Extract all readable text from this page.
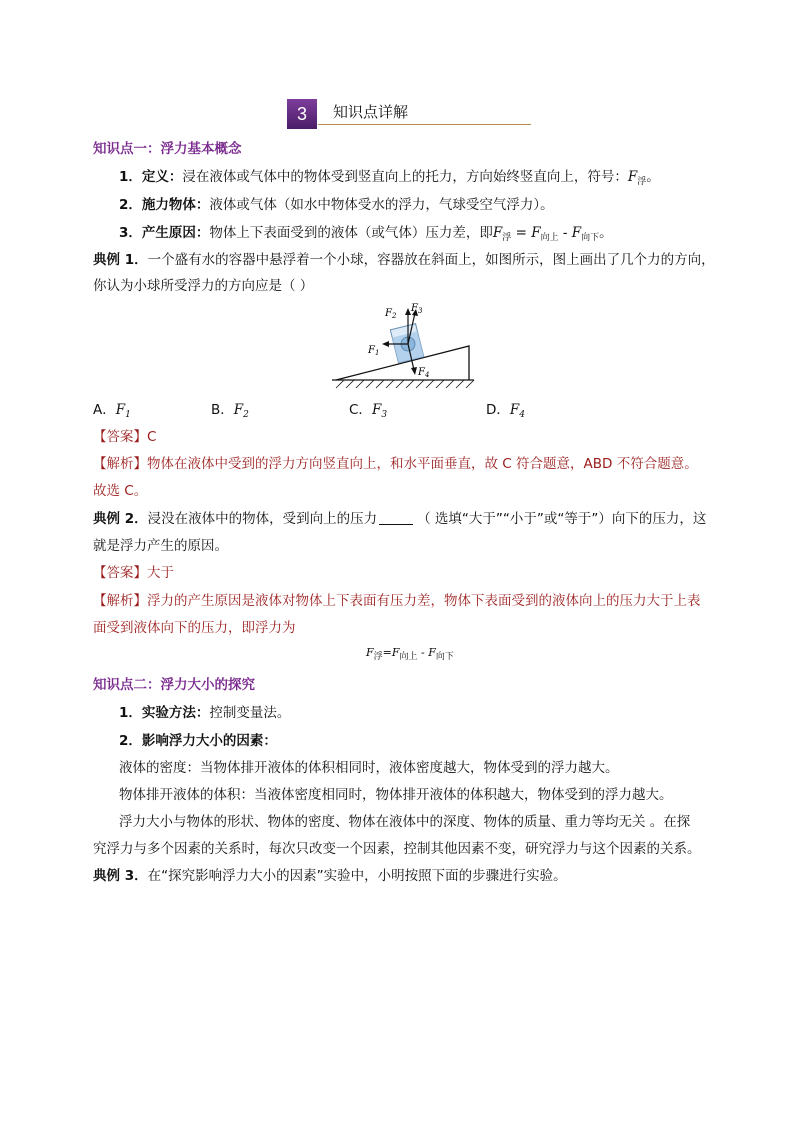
3	知识点详解
知识点一：浮力基本概念
1．定义：浸在液体或气体中的物体受到竖直向上的托力，方向始终竖直向上，符号：$F_浮$。
2．施力物体：液体或气体（如水中物体受水的浮力，气球受空气浮力）。
3．产生原因：物体上下表面受到的液体（或气体）压力差，即$F_浮 = F_{向上} - F_{向下}$。
典例 1．一个盛有水的容器中悬浮着一个小球，容器放在斜面上，如图所示，图上画出了几个力的方向，
你认为小球所受浮力的方向应是（ ）
$F_2$
$F_3$
$F_1$
$F_4$
A．$F_1$	B．$F_2$	C．$F_3$	D．$F_4$
【答案】C
【解析】物体在液体中受到的浮力方向竖直向上，和水平面垂直，故 C 符合题意，ABD 不符合题意。
故选 C。
典例 2．浸没在液体中的物体，受到向上的压力	（ 选填“大于”“小于”或“等于”）向下的压力，这
就是浮力产生的原因。
【答案】大于
【解析】浮力的产生原因是液体对物体上下表面有压力差，物体下表面受到的液体向上的压力大于上表
面受到液体向下的压力，即浮力为
$F_浮=F_{向上} - F_{向下}$
知识点二：浮力大小的探究
1．实验方法：控制变量法。
2．影响浮力大小的因素：
液体的密度：当物体排开液体的体积相同时，液体密度越大，物体受到的浮力越大。
物体排开液体的体积：当液体密度相同时，物体排开液体的体积越大，物体受到的浮力越大。
浮力大小与物体的形状、物体的密度、物体在液体中的深度、物体的质量、重力等均无关 。在探
究浮力与多个因素的关系时，每次只改变一个因素，控制其他因素不变，研究浮力与这个因素的关系。
典例 3．在“探究影响浮力大小的因素”实验中，小明按照下面的步骤进行实验。
